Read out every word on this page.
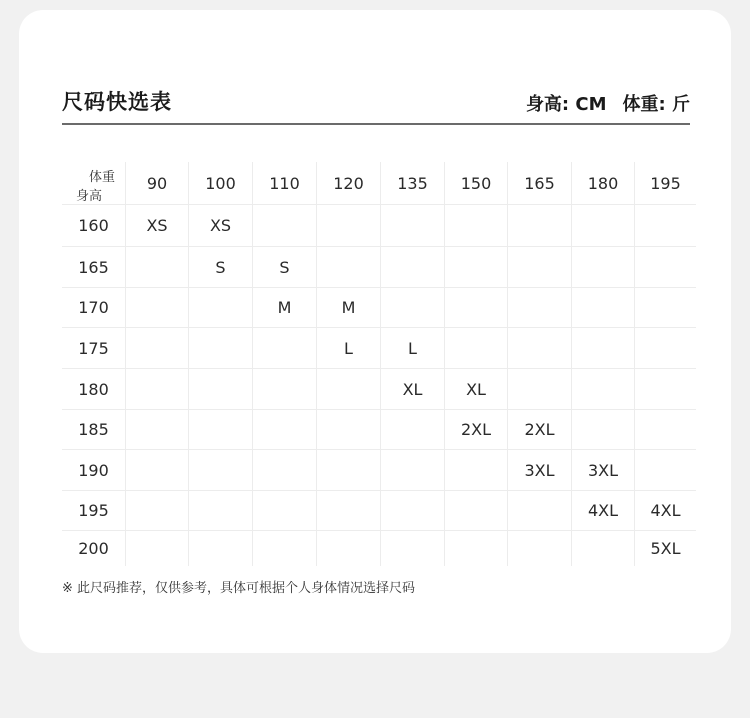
尺码快选表	身高: CM 体重: 斤
体重
身高	90	100	110	120	135	150	165	180	195
160	XS	XS							
165		S	S						
170			M	M					
175				L	L				
180					XL	XL			
185						2XL	2XL		
190							3XL	3XL	
195								4XL	4XL
200									5XL
※ 此尺码推荐，仅供参考，具体可根据个人身体情况选择尺码
